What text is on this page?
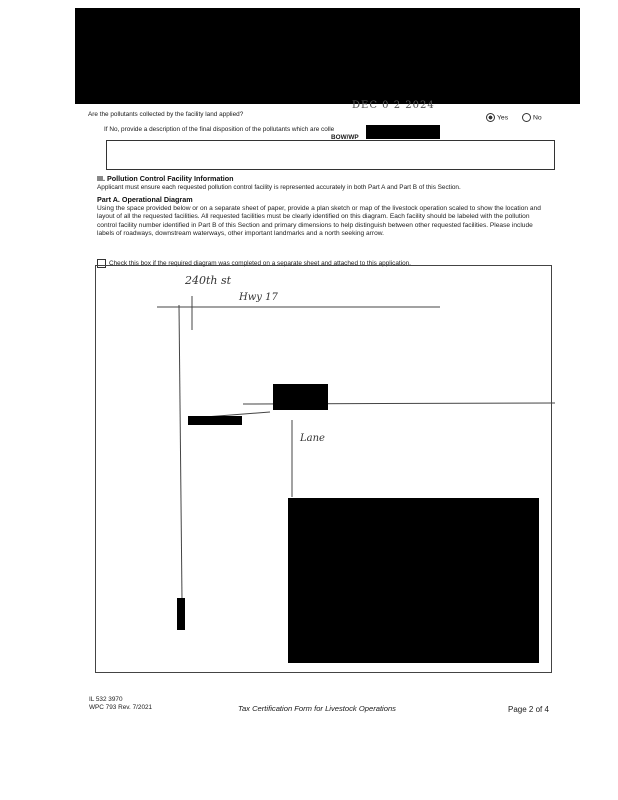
DEC 0 2 2024
Are the pollutants collected by the facility land applied?	Yes	No
If No, provide a description of the final disposition of the pollutants which are colle
BOW/WP
III. Pollution Control Facility Information
Applicant must ensure each requested pollution control facility is represented accurately in both Part A and Part B of this Section.
Part A. Operational Diagram
Using the space provided below or on a separate sheet of paper, provide a plan sketch or map of the livestock operation scaled to show the location and layout of all the requested facilities. All requested facilities must be clearly identified on this diagram. Each facility should be labeled with the pollution control facility number identified in Part B of this Section and primary dimensions to help distinguish between other requested facilities. Please include labels of roadways, downstream waterways, other important landmarks and a north seeking arrow.
Check this box if the required diagram was completed on a separate sheet and attached to this application.
240th st
Hwy 17
Lane
IL 532 3970
WPC 793 Rev. 7/2021	Tax Certification Form for Livestock Operations	Page 2 of 4
